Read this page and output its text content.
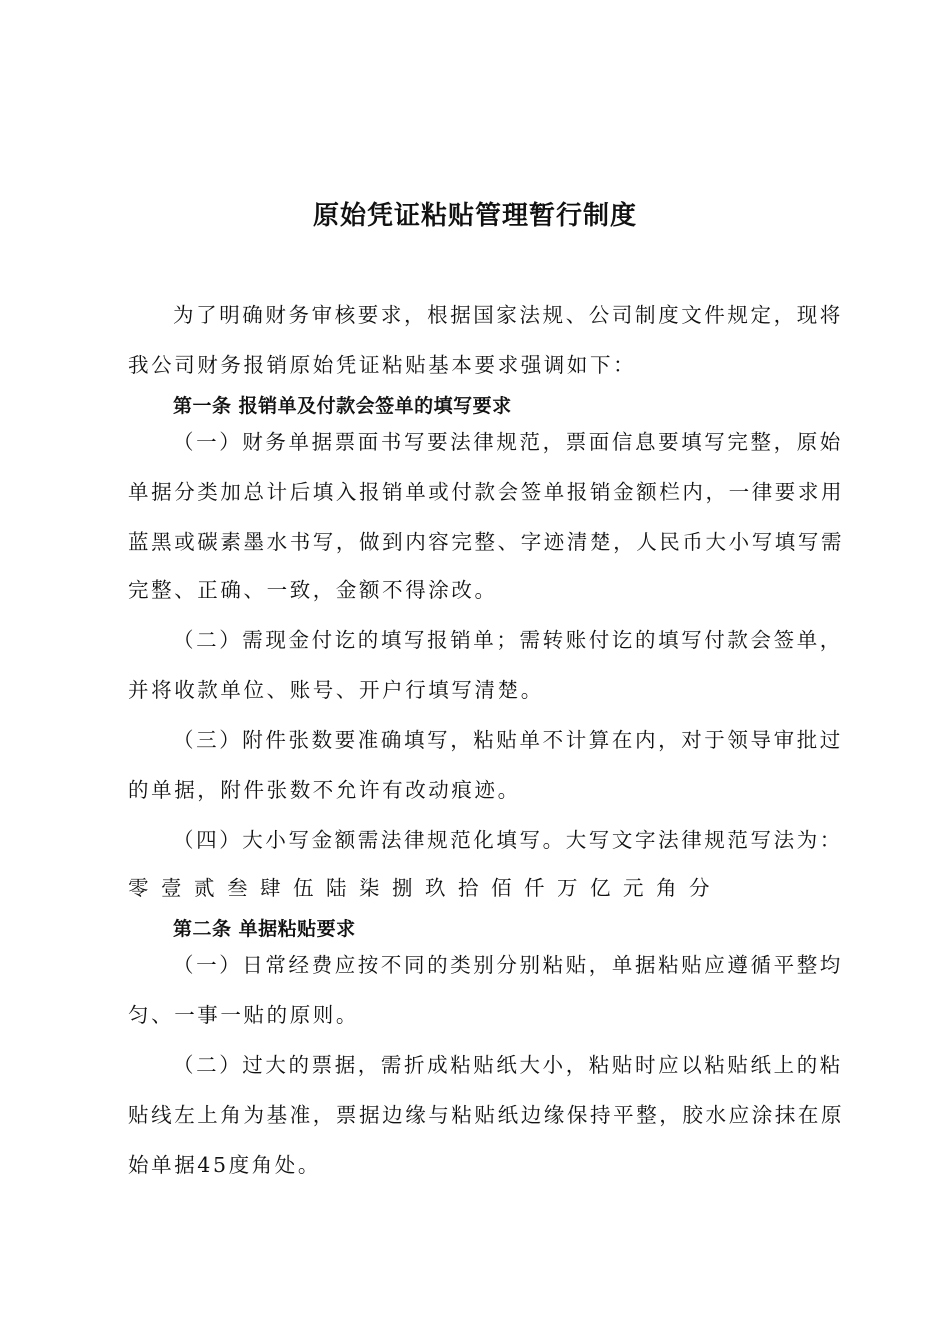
原始凭证粘贴管理暂行制度
为了明确财务审核要求，根据国家法规、公司制度文件规定，现将
我公司财务报销原始凭证粘贴基本要求强调如下：
第一条 报销单及付款会签单的填写要求
（一）财务单据票面书写要法律规范，票面信息要填写完整，原始
单据分类加总计后填入报销单或付款会签单报销金额栏内，一律要求用
蓝黑或碳素墨水书写，做到内容完整、字迹清楚，人民币大小写填写需
完整、正确、一致，金额不得涂改。
（二）需现金付讫的填写报销单；需转账付讫的填写付款会签单，
并将收款单位、账号、开户行填写清楚。
（三）附件张数要准确填写，粘贴单不计算在内，对于领导审批过
的单据，附件张数不允许有改动痕迹。
（四）大小写金额需法律规范化填写。大写文字法律规范写法为：
零壹贰叁肆伍陆柒捌玖拾佰仟万亿元角分
第二条 单据粘贴要求
（一）日常经费应按不同的类别分别粘贴，单据粘贴应遵循平整均
匀、一事一贴的原则。
（二）过大的票据，需折成粘贴纸大小，粘贴时应以粘贴纸上的粘
贴线左上角为基准，票据边缘与粘贴纸边缘保持平整，胶水应涂抹在原
始单据45度角处。
